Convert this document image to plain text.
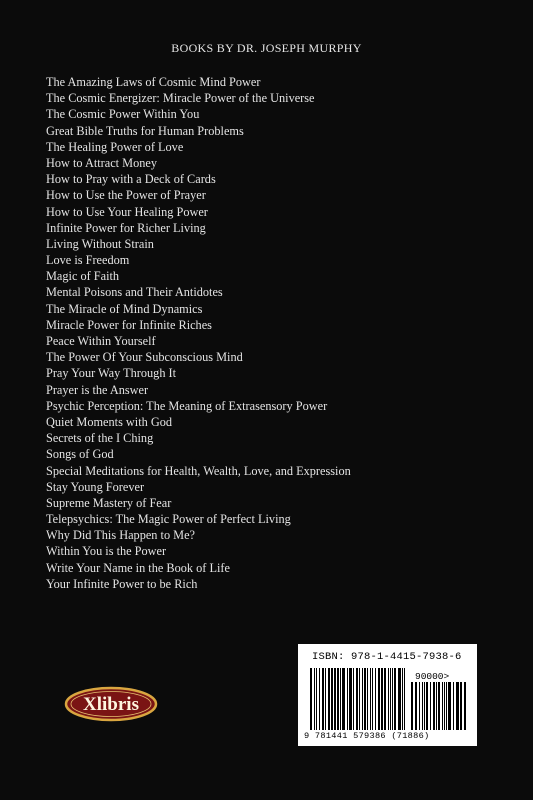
BOOKS BY DR. JOSEPH MURPHY
The Amazing Laws of Cosmic Mind Power
The Cosmic Energizer: Miracle Power of the Universe
The Cosmic Power Within You
Great Bible Truths for Human Problems
The Healing Power of Love
How to Attract Money
How to Pray with a Deck of Cards
How to Use the Power of Prayer
How to Use Your Healing Power
Infinite Power for Richer Living
Living Without Strain
Love is Freedom
Magic of Faith
Mental Poisons and Their Antidotes
The Miracle of Mind Dynamics
Miracle Power for Infinite Riches
Peace Within Yourself
The Power Of Your Subconscious Mind
Pray Your Way Through It
Prayer is the Answer
Psychic Perception: The Meaning of Extrasensory Power
Quiet Moments with God
Secrets of the I Ching
Songs of God
Special Meditations for Health, Wealth, Love, and Expression
Stay Young Forever
Supreme Mastery of Fear
Telepsychics: The Magic Power of Perfect Living
Why Did This Happen to Me?
Within You is the Power
Write Your Name in the Book of Life
Your Infinite Power to be Rich
Xlibris
ISBN: 978-1-4415-7938-6
90000>
9 781441 579386 (71886)
